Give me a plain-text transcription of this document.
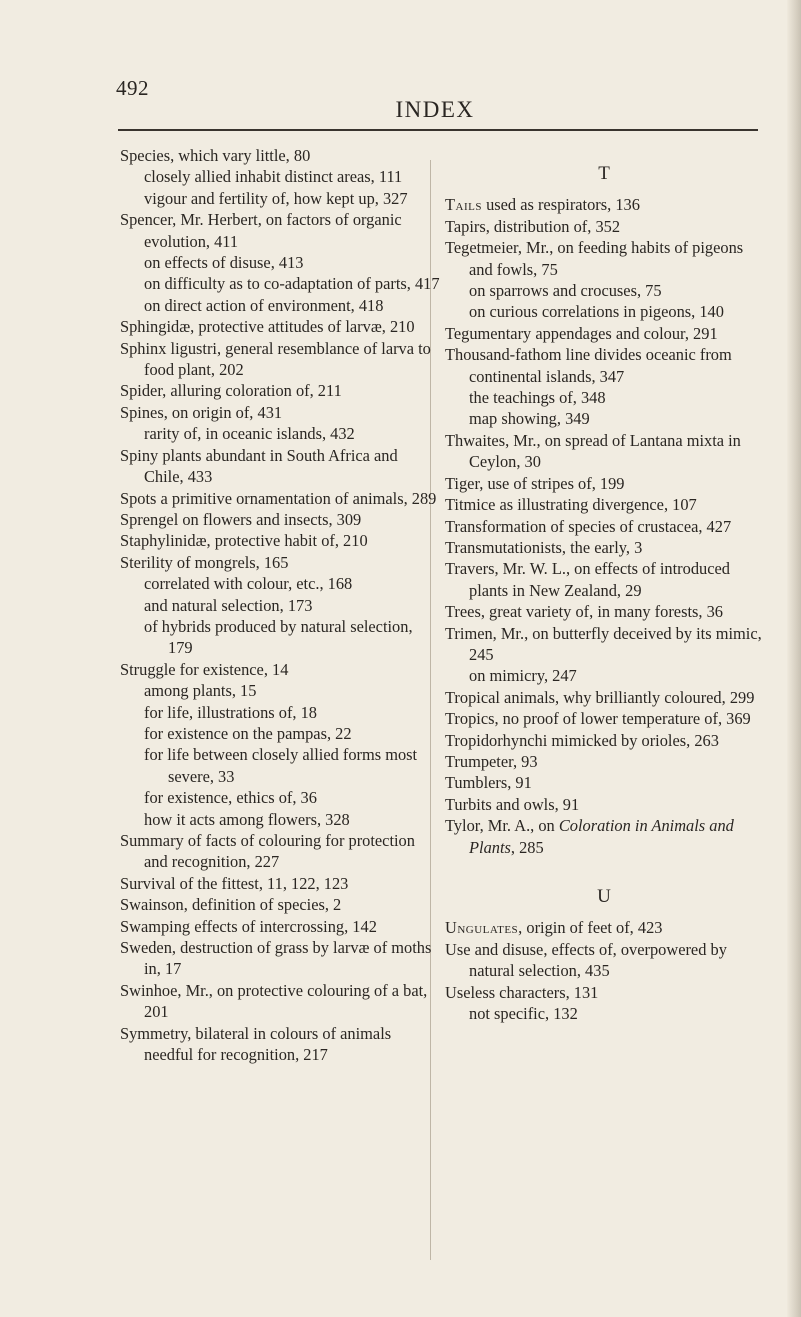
492
INDEX
Species, which vary little, 80
closely allied inhabit distinct areas, 111
vigour and fertility of, how kept up, 327
Spencer, Mr. Herbert, on factors of organic evolution, 411
on effects of disuse, 413
on difficulty as to co-adaptation of parts, 417
on direct action of environment, 418
Sphingidæ, protective attitudes of larvæ, 210
Sphinx ligustri, general resemblance of larva to food plant, 202
Spider, alluring coloration of, 211
Spines, on origin of, 431
rarity of, in oceanic islands, 432
Spiny plants abundant in South Africa and Chile, 433
Spots a primitive ornamentation of animals, 289
Sprengel on flowers and insects, 309
Staphylinidæ, protective habit of, 210
Sterility of mongrels, 165
correlated with colour, etc., 168
and natural selection, 173
of hybrids produced by natural selection, 179
Struggle for existence, 14
among plants, 15
for life, illustrations of, 18
for existence on the pampas, 22
for life between closely allied forms most severe, 33
for existence, ethics of, 36
how it acts among flowers, 328
Summary of facts of colouring for protection and recognition, 227
Survival of the fittest, 11, 122, 123
Swainson, definition of species, 2
Swamping effects of intercrossing, 142
Sweden, destruction of grass by larvæ of moths in, 17
Swinhoe, Mr., on protective colouring of a bat, 201
Symmetry, bilateral in colours of animals needful for recognition, 217
T
Tails used as respirators, 136
Tapirs, distribution of, 352
Tegetmeier, Mr., on feeding habits of pigeons and fowls, 75
on sparrows and crocuses, 75
on curious correlations in pigeons, 140
Tegumentary appendages and colour, 291
Thousand-fathom line divides oceanic from continental islands, 347
the teachings of, 348
map showing, 349
Thwaites, Mr., on spread of Lantana mixta in Ceylon, 30
Tiger, use of stripes of, 199
Titmice as illustrating divergence, 107
Transformation of species of crustacea, 427
Transmutationists, the early, 3
Travers, Mr. W. L., on effects of introduced plants in New Zealand, 29
Trees, great variety of, in many forests, 36
Trimen, Mr., on butterfly deceived by its mimic, 245
on mimicry, 247
Tropical animals, why brilliantly coloured, 299
Tropics, no proof of lower temperature of, 369
Tropidorhynchi mimicked by orioles, 263
Trumpeter, 93
Tumblers, 91
Turbits and owls, 91
Tylor, Mr. A., on Coloration in Animals and Plants, 285
U
Ungulates, origin of feet of, 423
Use and disuse, effects of, overpowered by natural selection, 435
Useless characters, 131
not specific, 132
